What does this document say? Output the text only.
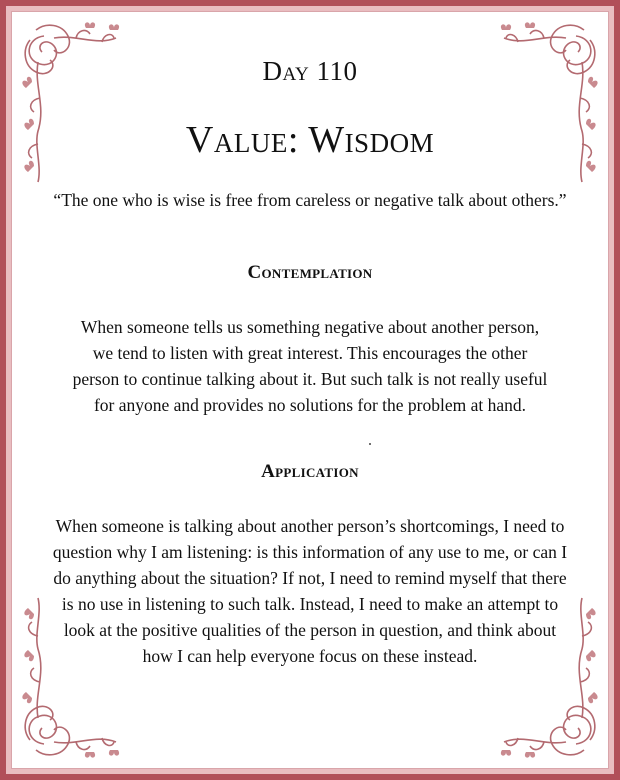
Day 110
Value: Wisdom
“The one who is wise is free from careless or negative talk about others.”
Contemplation
When someone tells us something negative about another person, we tend to listen with great interest. This encourages the other person to continue talking about it. But such talk is not really useful for anyone and provides no solutions for the problem at hand.
Application
When someone is talking about another person’s shortcomings, I need to question why I am listening: is this information of any use to me, or can I do anything about the situation? If not, I need to remind myself that there is no use in listening to such talk. Instead, I need to make an attempt to look at the positive qualities of the person in question, and think about how I can help everyone focus on these instead.
